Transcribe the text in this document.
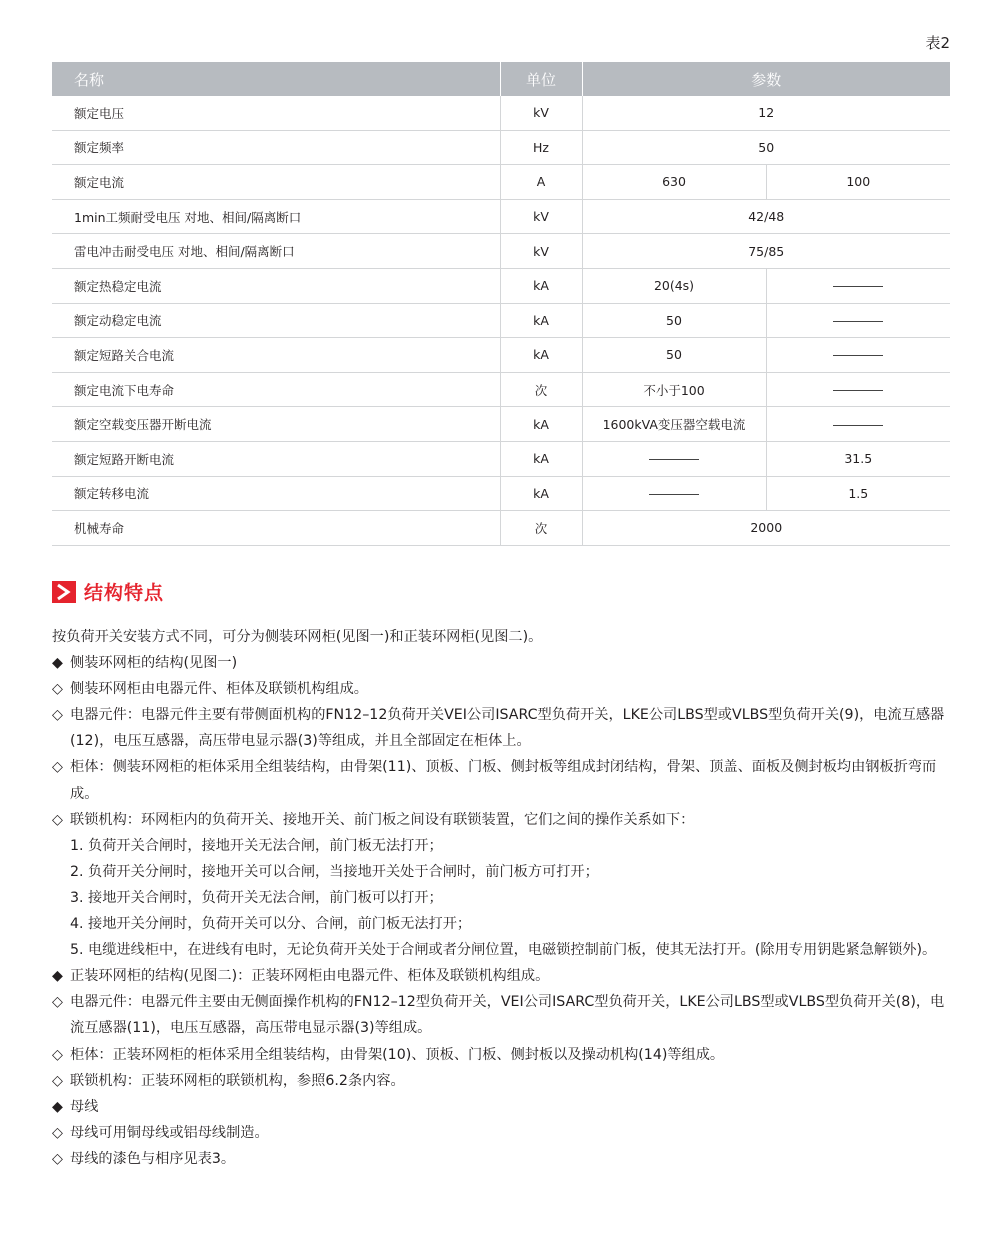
表2
名称	单位	参数	
额定电压	kV	12	
额定频率	Hz	50	
额定电流	A	630	100
1min工频耐受电压 对地、相间/隔离断口	kV	42/48	
雷电冲击耐受电压 对地、相间/隔离断口	kV	75/85	
额定热稳定电流	kA	20(4s)	
额定动稳定电流	kA	50	
额定短路关合电流	kA	50	
额定电流下电寿命	次	不小于100	
额定空载变压器开断电流	kA	1600kVA变压器空载电流	
额定短路开断电流	kA		31.5
额定转移电流	kA		1.5
机械寿命	次	2000	
结构特点

按负荷开关安装方式不同，可分为侧装环网柜(见图一)和正装环网柜(见图二)。

◆ 侧装环网柜的结构(见图一)

◇ 侧装环网柜由电器元件、柜体及联锁机构组成。

◇ 电器元件：电器元件主要有带侧面机构的FN12–12负荷开关VEI公司ISARC型负荷开关，LKE公司LBS型或VLBS型负荷开关(9)，电流互感器(12)，电压互感器，高压带电显示器(3)等组成，并且全部固定在柜体上。

◇ 柜体：侧装环网柜的柜体采用全组装结构，由骨架(11)、顶板、门板、侧封板等组成封闭结构，骨架、顶盖、面板及侧封板均由钢板折弯而成。

◇ 联锁机构：环网柜内的负荷开关、接地开关、前门板之间设有联锁装置，它们之间的操作关系如下：

1. 负荷开关合闸时，接地开关无法合闸，前门板无法打开；

2. 负荷开关分闸时，接地开关可以合闸，当接地开关处于合闸时，前门板方可打开；

3. 接地开关合闸时，负荷开关无法合闸，前门板可以打开；

4. 接地开关分闸时，负荷开关可以分、合闸，前门板无法打开；

5. 电缆进线柜中，在进线有电时，无论负荷开关处于合闸或者分闸位置，电磁锁控制前门板，使其无法打开。(除用专用钥匙紧急解锁外)。

◆ 正装环网柜的结构(见图二)：正装环网柜由电器元件、柜体及联锁机构组成。

◇ 电器元件：电器元件主要由无侧面操作机构的FN12–12型负荷开关，VEI公司ISARC型负荷开关，LKE公司LBS型或VLBS型负荷开关(8)，电流互感器(11)，电压互感器，高压带电显示器(3)等组成。

◇ 柜体：正装环网柜的柜体采用全组装结构，由骨架(10)、顶板、门板、侧封板以及操动机构(14)等组成。

◇ 联锁机构：正装环网柜的联锁机构，参照6.2条内容。

◆ 母线

◇ 母线可用铜母线或铝母线制造。

◇ 母线的漆色与相序见表3。
